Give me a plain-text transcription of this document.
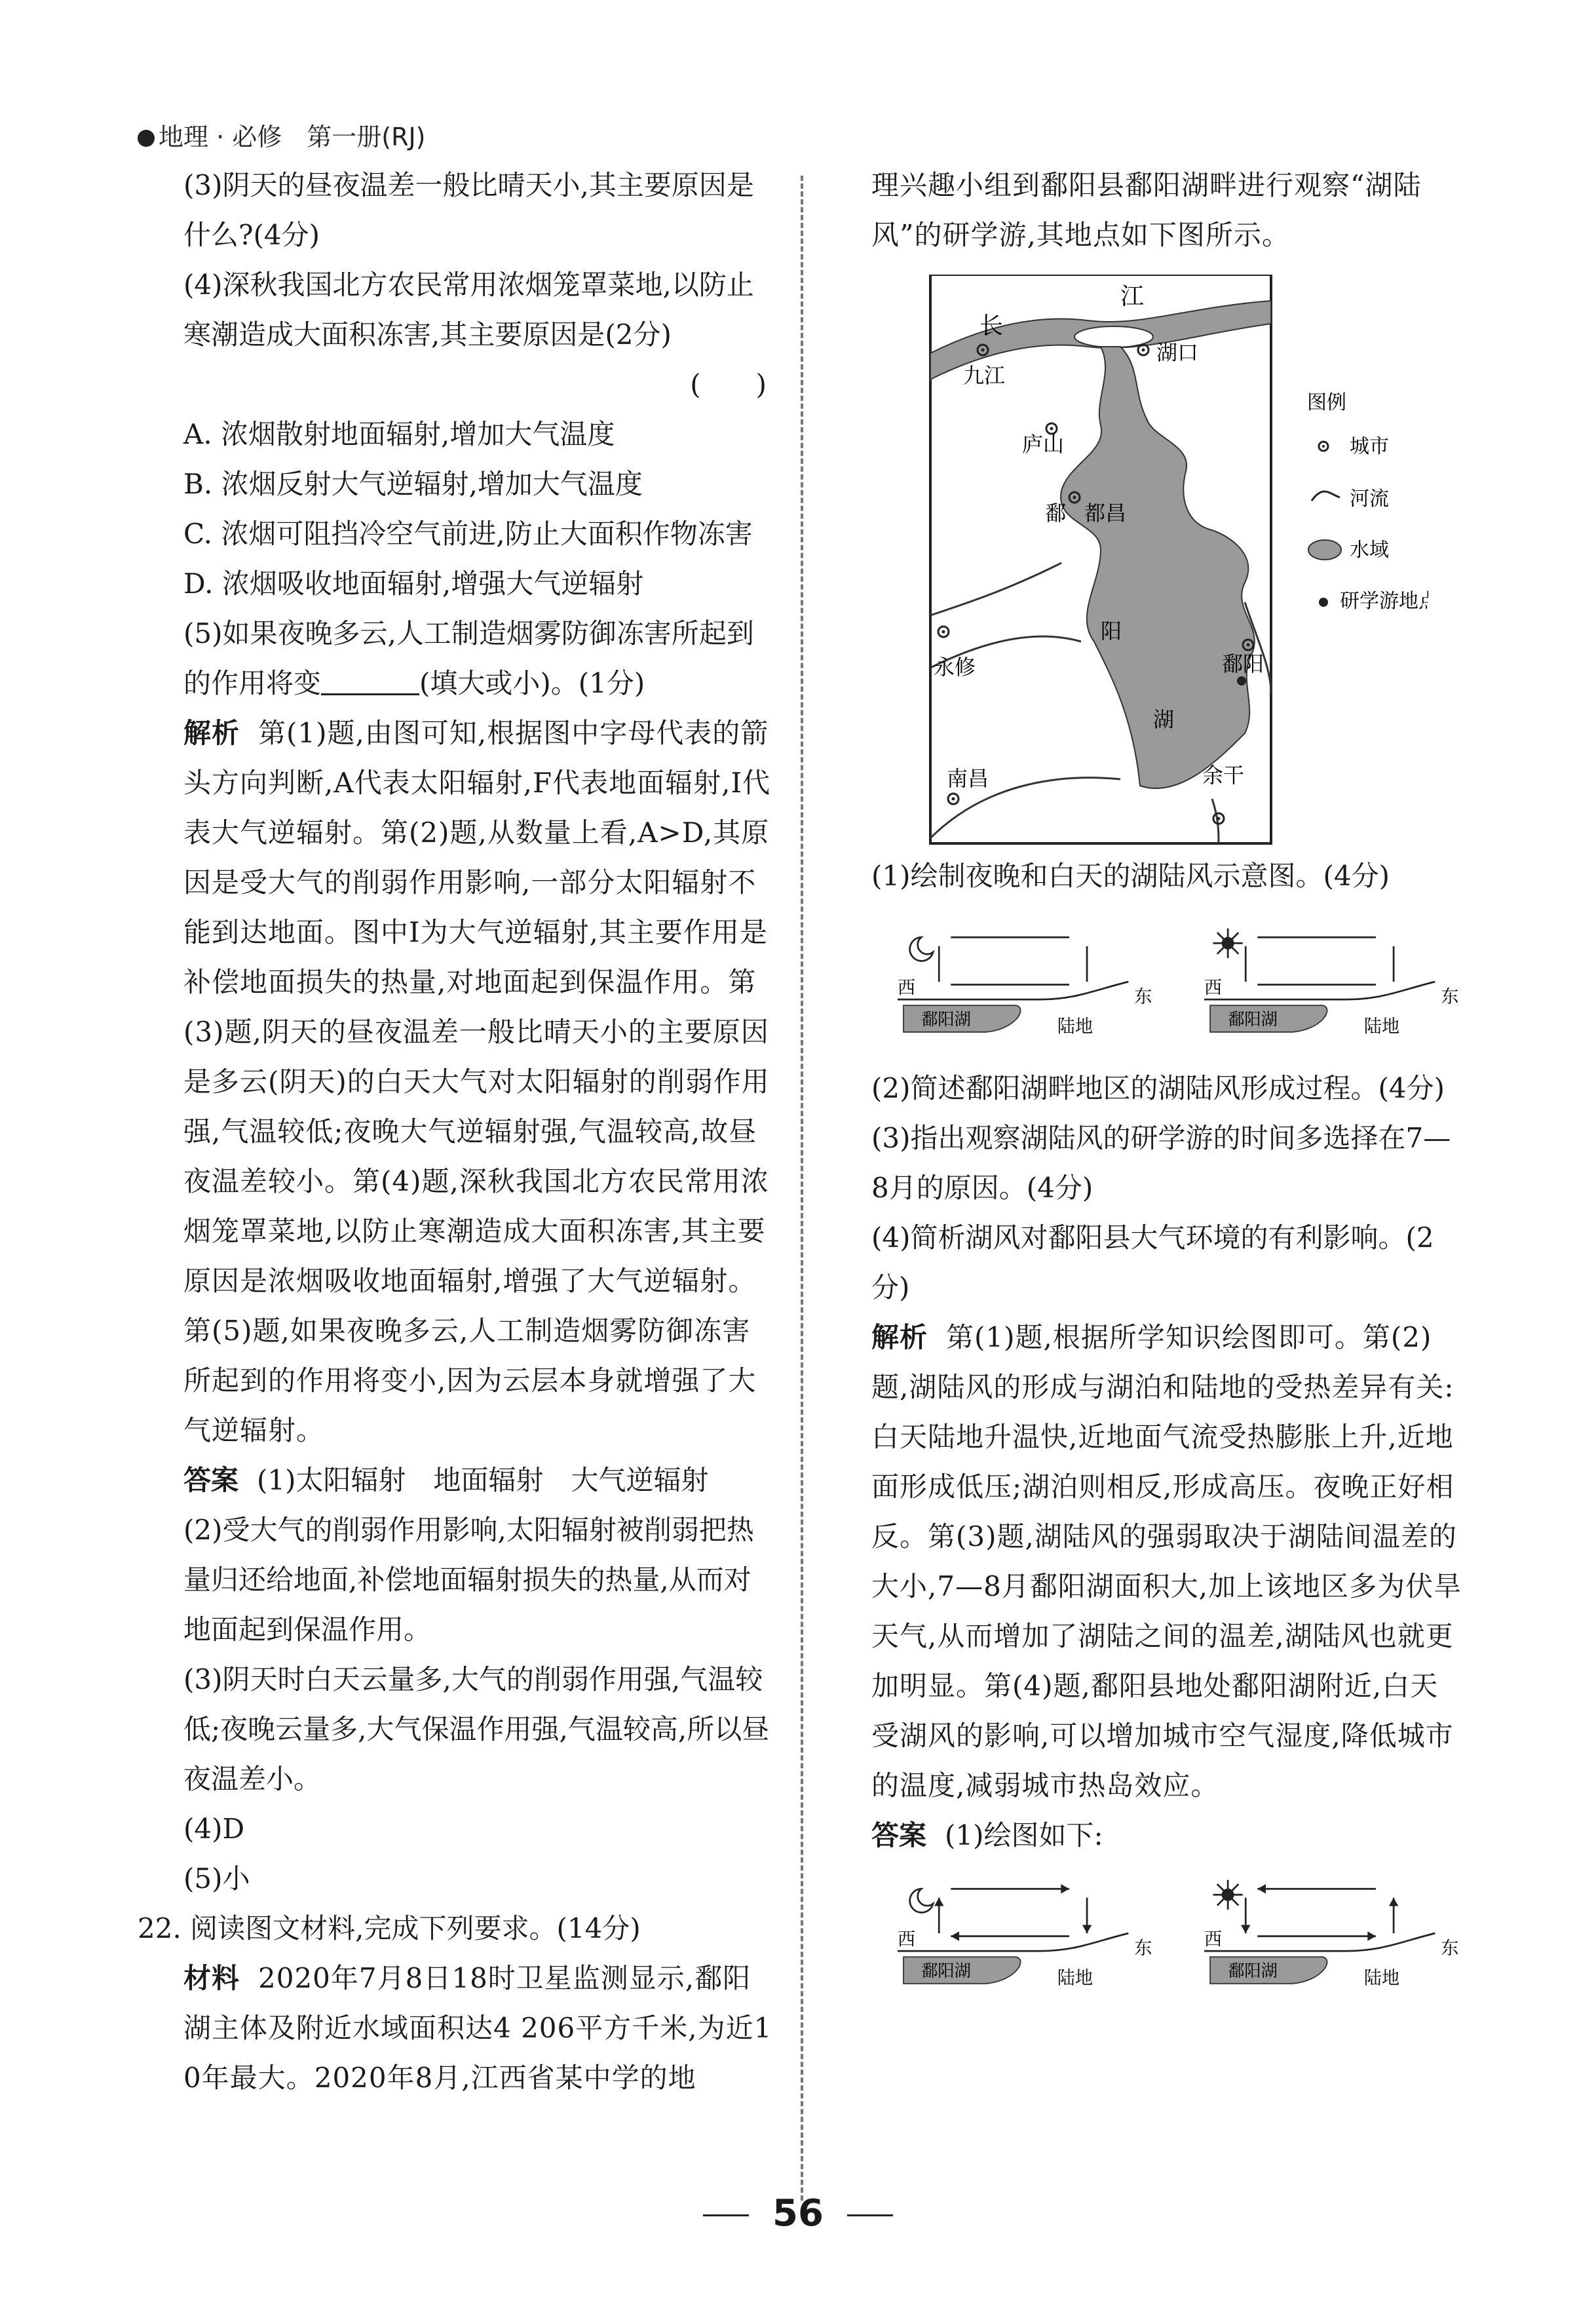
地理 · 必修　第一册(RJ)

(3)阴天的昼夜温差一般比晴天小,其主要原因是什么?(4分)

(4)深秋我国北方农民常用浓烟笼罩菜地,以防止寒潮造成大面积冻害,其主要原因是(2分)

(　　)

A. 浓烟散射地面辐射,增加大气温度

B. 浓烟反射大气逆辐射,增加大气温度

C. 浓烟可阻挡冷空气前进,防止大面积作物冻害

D. 浓烟吸收地面辐射,增强大气逆辐射

(5)如果夜晚多云,人工制造烟雾防御冻害所起到的作用将变	(填大或小)。(1分)

解析 第(1)题,由图可知,根据图中字母代表的箭头方向判断,A代表太阳辐射,F代表地面辐射,I代表大气逆辐射。第(2)题,从数量上看,A>D,其原因是受大气的削弱作用影响,一部分太阳辐射不能到达地面。图中I为大气逆辐射,其主要作用是补偿地面损失的热量,对地面起到保温作用。第(3)题,阴天的昼夜温差一般比晴天小的主要原因是多云(阴天)的白天大气对太阳辐射的削弱作用强,气温较低;夜晚大气逆辐射强,气温较高,故昼夜温差较小。第(4)题,深秋我国北方农民常用浓烟笼罩菜地,以防止寒潮造成大面积冻害,其主要原因是浓烟吸收地面辐射,增强了大气逆辐射。第(5)题,如果夜晚多云,人工制造烟雾防御冻害所起到的作用将变小,因为云层本身就增强了大气逆辐射。

答案 (1)太阳辐射　地面辐射　大气逆辐射

(2)受大气的削弱作用影响,太阳辐射被削弱把热量归还给地面,补偿地面辐射损失的热量,从而对地面起到保温作用。

(3)阴天时白天云量多,大气的削弱作用强,气温较低;夜晚云量多,大气保温作用强,气温较高,所以昼夜温差小。

(4)D

(5)小

22. 阅读图文材料,完成下列要求。(14分)

材料 2020年7月8日18时卫星监测显示,鄱阳湖主体及附近水域面积达4 206平方千米,为近10年最大。2020年8月,江西省某中学的地

理兴趣小组到鄱阳县鄱阳湖畔进行观察“湖陆风”的研学游,其地点如下图所示。

长
江
湖口
九江
庐山
鄱 都昌
阳
湖
永修	鄱阳
南昌	余干
图例
城市
河流
水域
研学游地点

(1)绘制夜晚和白天的湖陆风示意图。(4分)

西	东
鄱阳湖	陆地
西	东
鄱阳湖	陆地

(2)简述鄱阳湖畔地区的湖陆风形成过程。(4分)

(3)指出观察湖陆风的研学游的时间多选择在7—8月的原因。(4分)

(4)简析湖风对鄱阳县大气环境的有利影响。(2分)

解析 第(1)题,根据所学知识绘图即可。第(2)题,湖陆风的形成与湖泊和陆地的受热差异有关:白天陆地升温快,近地面气流受热膨胀上升,近地面形成低压;湖泊则相反,形成高压。夜晚正好相反。第(3)题,湖陆风的强弱取决于湖陆间温差的大小,7—8月鄱阳湖面积大,加上该地区多为伏旱天气,从而增加了湖陆之间的温差,湖陆风也就更加明显。第(4)题,鄱阳县地处鄱阳湖附近,白天受湖风的影响,可以增加城市空气湿度,降低城市的温度,减弱城市热岛效应。

答案 (1)绘图如下:

西	东
鄱阳湖	陆地
西	东
鄱阳湖	陆地
56
